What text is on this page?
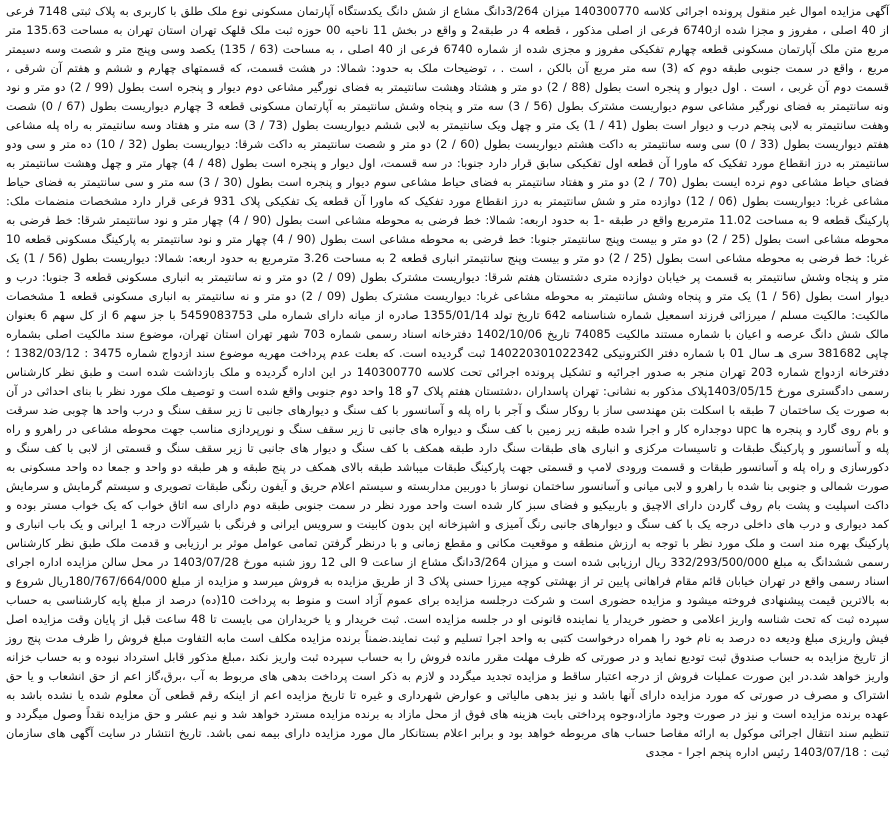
آگهی مزایده اموال غیر منقول پرونده اجرائی کلاسه 140300770 میزان 3/264دانگ مشاع از شش دانگ یکدستگاه آپارتمان مسکونی نوع ملک طلق با کاربری به پلاک ثبتی 7148 فرعی از 40 اصلی ، مفروز و مجزا شده از6740 فرعی از اصلی مذکور ، قطعه 4 در طبقه2 و واقع در بخش 11 ناحیه 00 حوزه ثبت ملک قلهک تهران استان تهران به مساحت 135.63 متر مربع متن ملک آپارتمان مسکونی قطعه چهارم تفکیکی مفروز و مجزی شده از شماره 6740 فرعی از 40 اصلی ، به مساحت (63 / 135) یکصد وسی وپنج متر و شصت وسه دسیمتر مربع ، واقع در سمت جنوبی طبقه دوم که (3) سه متر مربع آن بالکن ، است . ، توضیحات ملک به حدود: شمالا: در هشت قسمت، که قسمتهای چهارم و ششم و هفتم آن شرقی ، قسمت دوم آن غربی ، است . اول دیوار و پنجره است بطول (88 / 2) دو متر و هشتاد وهشت سانتیمتر به فضای نورگیر مشاعی دوم دیوار و پنجره است بطول (99 / 2) دو متر و نود ونه سانتیمتر به فضای نورگیر مشاعی سوم دیواریست مشترک بطول (56 / 3) سه متر و پنجاه وشش سانتیمتر به آپارتمان مسکونی قطعه 3 چهارم دیواریست بطول (67 / 0) شصت وهفت سانتیمتر به لابی پنجم درب و دیوار است بطول (41 / 1) یک متر و چهل ویک سانتیمتر به لابی ششم دیواریست بطول (73 / 3) سه متر و هفتاد وسه سانتیمتر به راه پله مشاعی هفتم دیواریست بطول (33 / 0) سی وسه سانتیمتر به داکت هشتم دیواریست بطول (60 / 2) دو متر و شصت سانتیمتر به داکت شرقا: دیواریست بطول (32 / 10) ده متر و سی ودو سانتیمتر به درز انقطاع مورد تفکیک که ماورا آن قطعه اول تفکیکی سابق قرار دارد جنوبا: در سه قسمت، اول دیوار و پنجره است بطول (48 / 4) چهار متر و چهل وهشت سانتیمتر به فضای حیاط مشاعی دوم نرده ایست بطول (70 / 2) دو متر و هفتاد سانتیمتر به فضای حیاط مشاعی سوم دیوار و پنجره است بطول (30 / 3) سه متر و سی سانتیمتر به فضای حیاط مشاعی غربا: دیواریست بطول (06 / 12) دوازده متر و شش سانتیمتر به درز انقطاع مورد تفکیک که ماورا آن قطعه یک تفکیکی پلاک 931 فرعی قرار دارد مشخصات منضمات ملک: پارکینگ قطعه 9 به مساحت 11.02 مترمربع واقع در طبقه -1 به حدود اربعه: شمالا: خط فرضی به محوطه مشاعی است بطول (90 / 4) چهار متر و نود سانتیمتر شرقا: خط فرضی به محوطه مشاعی است بطول (25 / 2) دو متر و بیست وپنج سانتیمتر جنوبا: خط فرضی به محوطه مشاعی است بطول (90 / 4) چهار متر و نود سانتیمتر به پارکینگ مسکونی قطعه 10 غربا: خط فرضی به محوطه مشاعی است بطول (25 / 2) دو متر و بیست وپنج سانتیمتر انباری قطعه 2 به مساحت 3.26 مترمربع به حدود اربعه: شمالا: دیواریست بطول (56 / 1) یک متر و پنجاه وشش سانتیمتر به قسمت پر خیابان دوازده متری دشتستان هفتم شرقا: دیواریست مشترک بطول (09 / 2) دو متر و نه سانتیمتر به انباری مسکونی قطعه 3 جنوبا: درب و دیوار است بطول (56 / 1) یک متر و پنجاه وشش سانتیمتر به محوطه مشاعی غربا: دیواریست مشترک بطول (09 / 2) دو متر و نه سانتیمتر به انباری مسکونی قطعه 1 مشخصات مالکیت: مالکیت مسلم / میرزائی فرزند اسمعیل شماره شناسنامه 642 تاریخ تولد 1355/01/14 صادره از میانه دارای شماره ملی 5459083753 با جز سهم 6 از کل سهم 6 بعنوان مالک شش دانگ عرصه و اعیان با شماره مستند مالکیت 74085 تاریخ 1402/10/06 دفترخانه اسناد رسمی شماره 703 شهر تهران استان تهران، موضوع سند مالکیت اصلی بشماره چاپی 381682 سری هـ سال 01 با شماره دفتر الکترونیکی 140220301022342 ثبت گردیده است. که بعلت عدم پرداخت مهریه موضوع سند ازدواج شماره 3475 : 1382/03/12 ؛ دفترخانه ازدواج شماره 203 تهران منجر به صدور اجرائیه و تشکیل پرونده اجرائی تحت کلاسه 140300770 در این اداره گردیده و ملک بازداشت شده است و طبق نظر کارشناس رسمی دادگستری مورخ 1403/05/15پلاک مذکور به نشانی: تهران پاسداران ،دشتستان هفتم پلاک 7و 18 واحد دوم جنوبی واقع شده است و توصیف ملک مورد نظر با بنای احداثی در آن به صورت یک ساختمان 7 طبقه با اسکلت بتن مهندسی ساز با روکار سنگ و آجر با راه پله و آسانسور با کف سنگ و دیوارهای جانبی تا زیر سقف سنگ و درب واحد ها چوبی ضد سرقت و بام روی گارد و پنجره ها upc دوجداره کار و اجرا شده طبقه زیر زمین با کف سنگ و دیواره های جانبی تا زیر سقف سنگ و نورپردازی مناسب جهت محوطه مشاعی در راهرو و راه پله و آسانسور و پارکینگ طبقات و تاسیسات مرکزی و انباری های طبقات سنگ دارد طبقه همکف با کف سنگ و دیوار های جانبی تا زیر سقف سنگ و قسمتی از لابی با کف سنگ و دکورسازی و راه پله و آسانسور طبقات و قسمت ورودی لامپ و قسمتی جهت پارکینگ طبقات میباشد طبقه بالای همکف در پنج طبقه و هر طبقه دو واحد و جمعا ده واحد مسکونی به صورت شمالی و جنوبی بنا شده با راهرو و لابی میانی و آسانسور ساختمان نوساز با دوربین مداربسته و سیستم اعلام حریق و آیفون رنگی طبقات تصویری و سیستم گرمایش و سرمایش داکت اسپلیت و پشت بام روف گاردن دارای الاچیق و باربیکیو و فضای سبز کار شده است واحد مورد نظر در سمت جنوبی طبقه دوم دارای سه اتاق خواب که یک خواب مستر بوده و کمد دیواری و درب های داخلی درجه یک با کف سنگ و دیوارهای جانبی رنگ آمیزی و اشپزخانه اپن بدون کابینت و سرویس ایرانی و فرنگی با شیرآلات درجه 1 ایرانی و یک باب انباری و پارکینگ بهره مند است و ملک مورد نظر با توجه به ارزش منطقه و موقعیت مکانی و مقطع زمانی و با درنظر گرفتن تمامی عوامل موثر بر ارزیابی و قدمت ملک طبق نظر کارشناس رسمی ششدانگ به مبلغ 332/293/500/000 ریال ارزیابی شده است و میزان 3/264دانگ مشاع از ساعت 9 الی 12 روز شنبه مورخ 1403/07/28 در محل سالن مزایده اداره اجرای اسناد رسمی واقع در تهران خیابان قائم مقام فراهانی پایین تر از بهشتی کوچه میرزا حسنی پلاک 3 از طریق مزایده به فروش میرسد و مزایده از مبلغ 180/767/664/000ریال شروع و به بالاترین قیمت پیشنهادی فروخته میشود و مزایده حضوری است و شرکت درجلسه مزایده برای عموم آزاد است و منوط به پرداخت 10(ده) درصد از مبلغ پایه کارشناسی به حساب سپرده ثبت که تحت شناسه واریز اعلامی و حضور خریدار یا نماینده قانونی او در جلسه مزایده است. ثبت خریدار و یا خریداران می بایست تا 48 ساعت قبل از پایان وقت مزایده اصل فیش واریزی مبلغ ودیعه ده درصد به نام خود را همراه درخواست کتبی به واحد اجرا تسلیم و ثبت نمایند.ضمناً برنده مزایده مکلف است مابه التفاوت مبلغ فروش را ظرف مدت پنج روز از تاریخ مزایده به حساب صندوق ثبت تودیع نماید و در صورتی که ظرف مهلت مقرر مانده فروش را به حساب سپرده ثبت واریز نکند ،مبلغ مذکور قابل استرداد نبوده و به حساب خزانه واریز خواهد شد.در این صورت عملیات فروش از درجه اعتبار ساقط و مزایده تجدید میگردد و لازم به ذکر است پرداخت بدهی های مربوط به آب ،برق،گاز اعم از حق انشعاب و یا حق اشتراک و مصرف در صورتی که مورد مزایده دارای آنها باشد و نیز بدهی مالیاتی و عوارض شهرداری و غیره تا تاریخ مزایده اعم از اینکه رقم قطعی آن معلوم شده یا نشده باشد به عهده برنده مزایده است و نیز در صورت وجود مازاد،وجوه پرداختی بابت هزینه های فوق از محل مازاد به برنده مزایده مسترد خواهد شد و نیم عشر و حق مزایده نقداً وصول میگردد و تنظیم سند انتقال اجرائی موکول به ارائه مفاصا حساب های مربوطه خواهد بود و برابر اعلام بستانکار مال مورد مزایده دارای بیمه نمی باشد. تاریخ انتشار در سایت آگهی های سازمان ثبت : 1403/07/18 رئیس اداره پنجم اجرا - مجدی
